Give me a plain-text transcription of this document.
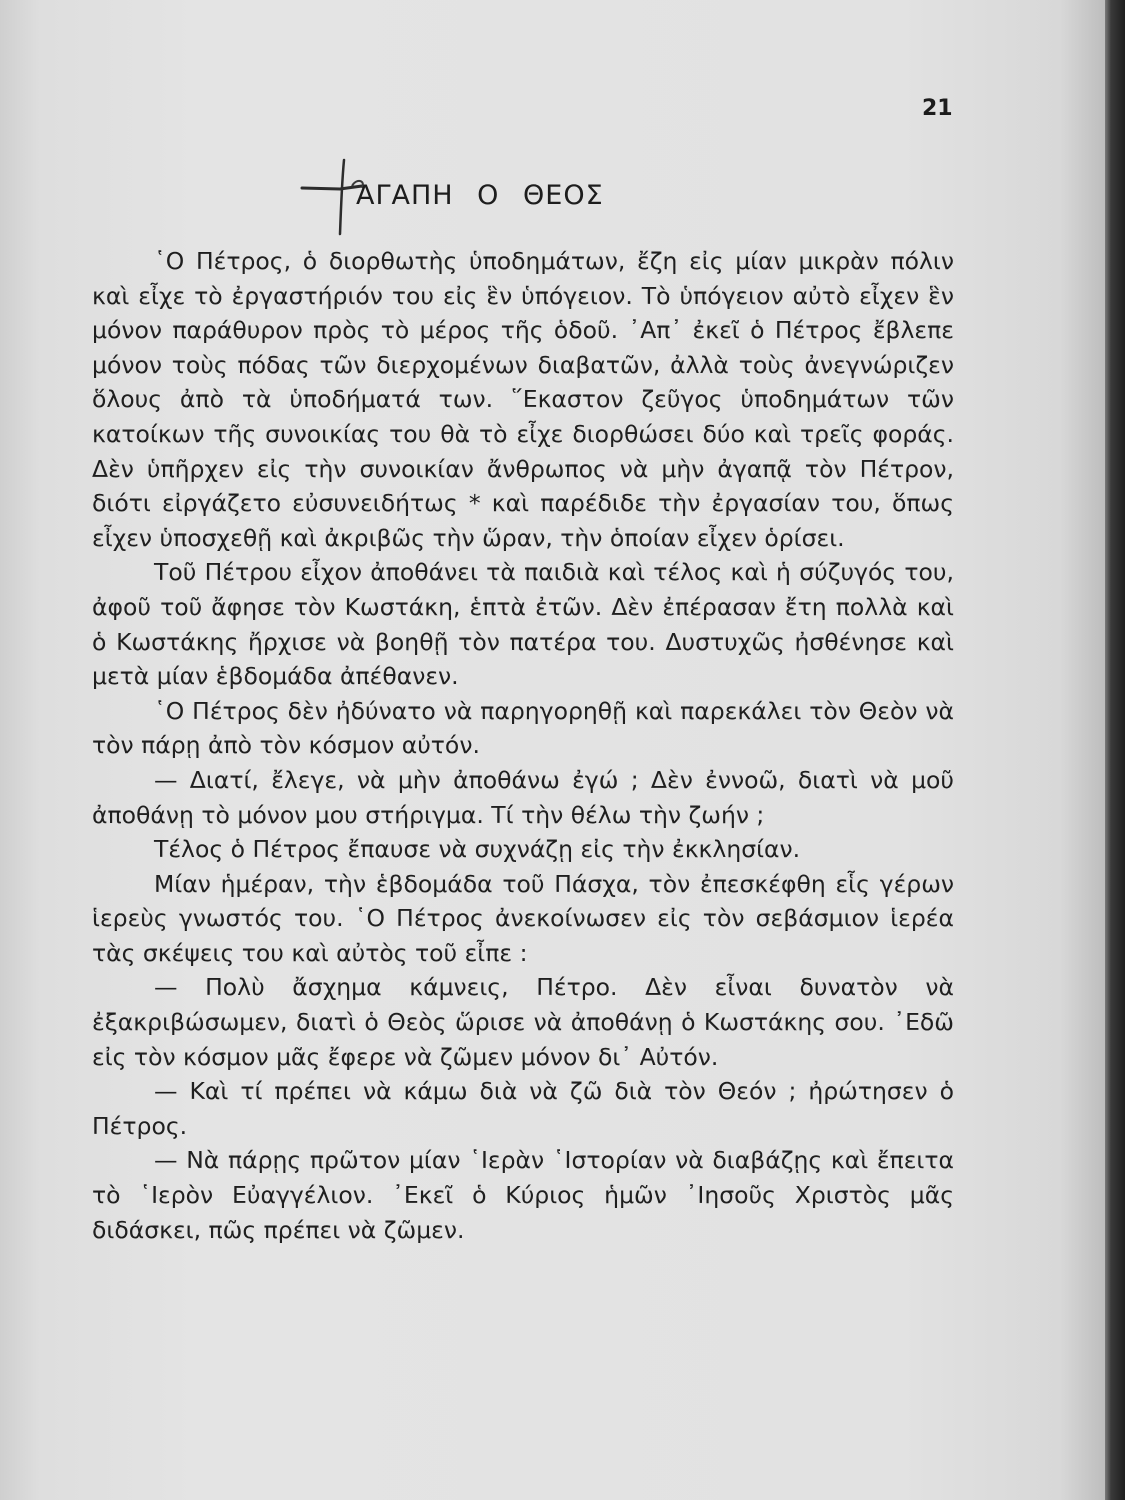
21
ΑΓΑΠΗ Ο ΘΕΟΣ

῾Ο Πέτρος, ὁ διορθωτὴς ὑποδημάτων, ἔζη εἰς μίαν μικρὰν πόλιν καὶ εἶχε τὸ ἐργαστήριόν του εἰς ἓν ὑπόγειον. Τὸ ὑπόγειον αὐτὸ εἶχεν ἓν μόνον παράθυρον πρὸς τὸ μέρος τῆς ὁδοῦ. ᾿Απ᾿ ἐκεῖ ὁ Πέτρος ἔβλεπε μόνον τοὺς πόδας τῶν διερχομένων διαβατῶν, ἀλλὰ τοὺς ἀνεγνώριζεν ὅλους ἀπὸ τὰ ὑποδήματά των. ῞Εκαστον ζεῦγος ὑποδημάτων τῶν κατοίκων τῆς συνοικίας του θὰ τὸ εἶχε διορθώσει δύο καὶ τρεῖς φοράς. Δὲν ὑπῆρχεν εἰς τὴν συνοικίαν ἄνθρωπος νὰ μὴν ἀγαπᾷ τὸν Πέτρον, διότι εἰργάζετο εὐσυνειδήτως * καὶ παρέδιδε τὴν ἐργασίαν του, ὅπως εἶχεν ὑποσχεθῇ καὶ ἀκριβῶς τὴν ὥραν, τὴν ὁποίαν εἶχεν ὁρίσει.

Τοῦ Πέτρου εἶχον ἀποθάνει τὰ παιδιὰ καὶ τέλος καὶ ἡ σύζυγός του, ἀφοῦ τοῦ ἄφησε τὸν Κωστάκη, ἑπτὰ ἐτῶν. Δὲν ἐπέρασαν ἔτη πολλὰ καὶ ὁ Κωστάκης ἤρχισε νὰ βοηθῇ τὸν πατέρα του. Δυστυχῶς ἠσθένησε καὶ μετὰ μίαν ἑβδομάδα ἀπέθανεν.

῾Ο Πέτρος δὲν ἠδύνατο νὰ παρηγορηθῇ καὶ παρεκάλει τὸν Θεὸν νὰ τὸν πάρῃ ἀπὸ τὸν κόσμον αὐτόν.

— Διατί, ἔλεγε, νὰ μὴν ἀποθάνω ἐγώ ; Δὲν ἐννοῶ, διατὶ νὰ μοῦ ἀποθάνῃ τὸ μόνον μου στήριγμα. Τί τὴν θέλω τὴν ζωήν ;

Τέλος ὁ Πέτρος ἔπαυσε νὰ συχνάζῃ εἰς τὴν ἐκκλησίαν.

Μίαν ἡμέραν, τὴν ἑβδομάδα τοῦ Πάσχα, τὸν ἐπεσκέφθη εἷς γέρων ἱερεὺς γνωστός του. ῾Ο Πέτρος ἀνεκοίνωσεν εἰς τὸν σεβάσμιον ἱερέα τὰς σκέψεις του καὶ αὐτὸς τοῦ εἶπε :

— Πολὺ ἄσχημα κάμνεις, Πέτρο. Δὲν εἶναι δυνατὸν νὰ ἐξακριβώσωμεν, διατὶ ὁ Θεὸς ὥρισε νὰ ἀποθάνῃ ὁ Κωστάκης σου. ᾿Εδῶ εἰς τὸν κόσμον μᾶς ἔφερε νὰ ζῶμεν μόνον δι᾿ Αὐτόν.

— Καὶ τί πρέπει νὰ κάμω διὰ νὰ ζῶ διὰ τὸν Θεόν ; ἠρώτησεν ὁ Πέτρος.

— Νὰ πάρῃς πρῶτον μίαν ῾Ιερὰν ῾Ιστορίαν νὰ διαβάζῃς καὶ ἔπειτα τὸ ῾Ιερὸν Εὐαγγέλιον. ᾿Εκεῖ ὁ Κύριος ἡμῶν ᾿Ιησοῦς Χριστὸς μᾶς διδάσκει, πῶς πρέπει νὰ ζῶμεν.
